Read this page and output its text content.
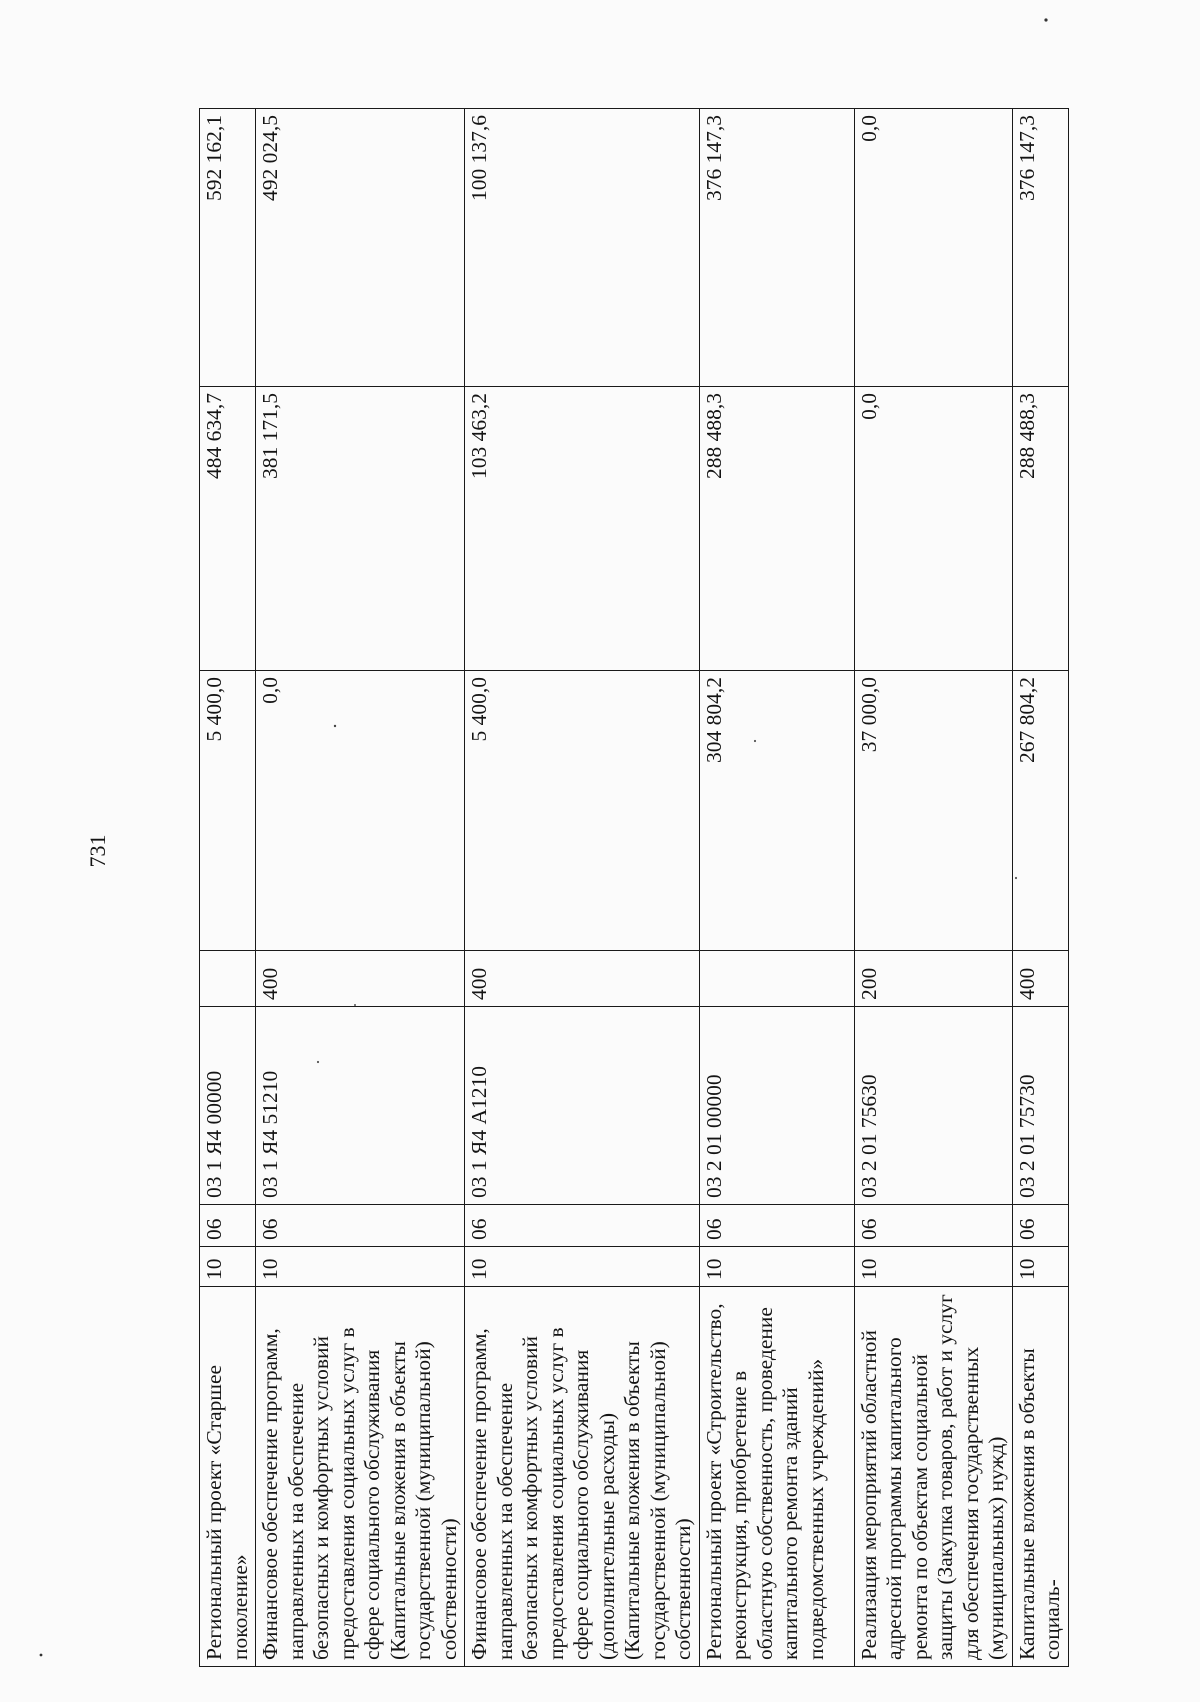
731
Региональный проект «Старшее поколение»	10	06	03 1 Я4 00000		5 400,0	484 634,7	592 162,1
Финансовое обеспечение программ, направленных на обеспечение безопасных и комфортных условий предоставления социальных услуг в сфере социального обслуживания (Капитальные вложения в объекты государственной (муниципальной) собственности)	10	06	03 1 Я4 51210	400	0,0	381 171,5	492 024,5
Финансовое обеспечение программ, направленных на обеспечение безопасных и комфортных условий предоставления социальных услуг в сфере социального обслуживания (дополнительные расходы) (Капитальные вложения в объекты государственной (муниципальной) собственности)	10	06	03 1 Я4 А1210	400	5 400,0	103 463,2	100 137,6
Региональный проект «Строительство, реконструкция, приобретение в областную собственность, проведение капитального ремонта зданий подведомственных учреждений»	10	06	03 2 01 00000		304 804,2	288 488,3	376 147,3
Реализация мероприятий областной адресной программы капитального ремонта по объектам социальной защиты (Закупка товаров, работ и услуг для обеспечения государственных (муниципальных) нужд)	10	06	03 2 01 75630	200	37 000,0	0,0	0,0
Капитальные вложения в объекты социаль-	10	06	03 2 01 75730	400	267 804,2	288 488,3	376 147,3
